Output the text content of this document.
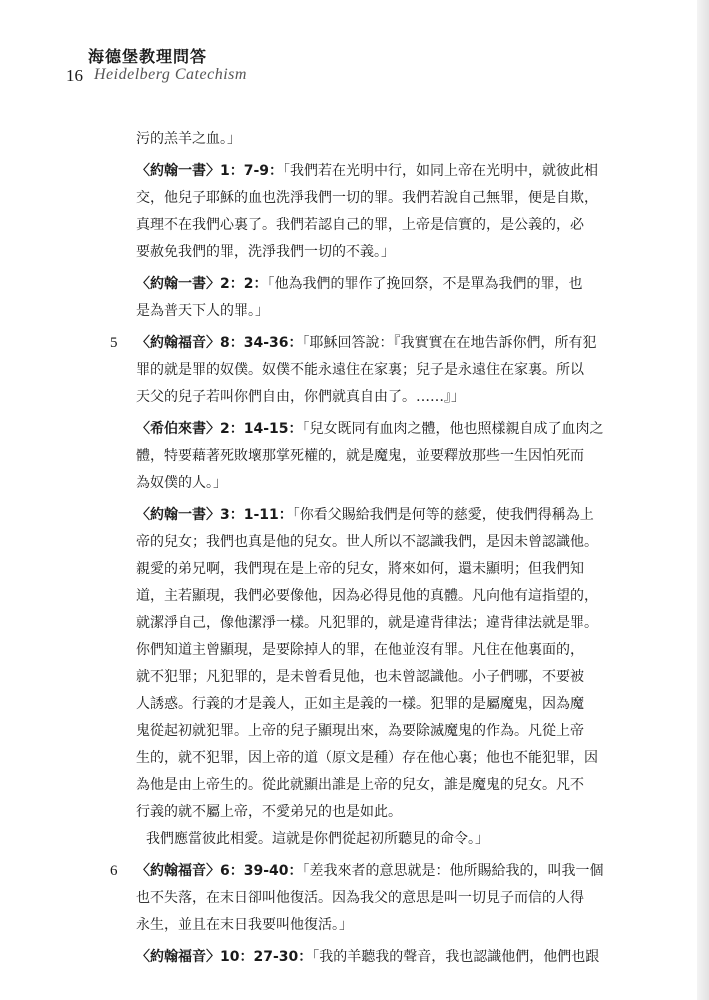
海德堡教理問答
16 Heidelberg Catechism
污的羔羊之血。」
〈約翰一書〉1：7-9：「我們若在光明中行，如同上帝在光明中，就彼此相
交，他兒子耶穌的血也洗淨我們一切的罪。我們若說自己無罪，便是自欺，
真理不在我們心裏了。我們若認自己的罪，上帝是信實的，是公義的，必
要赦免我們的罪，洗淨我們一切的不義。」
〈約翰一書〉2：2：「他為我們的罪作了挽回祭，不是單為我們的罪，也
是為普天下人的罪。」
5 〈約翰福音〉8：34-36：「耶穌回答說：『我實實在在地告訴你們，所有犯
罪的就是罪的奴僕。奴僕不能永遠住在家裏；兒子是永遠住在家裏。所以
天父的兒子若叫你們自由，你們就真自由了。……』」
〈希伯來書〉2：14-15：「兒女既同有血肉之體，他也照樣親自成了血肉之
體，特要藉著死敗壞那掌死權的，就是魔鬼，並要釋放那些一生因怕死而
為奴僕的人。」
〈約翰一書〉3：1-11：「你看父賜給我們是何等的慈愛，使我們得稱為上
帝的兒女；我們也真是他的兒女。世人所以不認識我們，是因未曾認識他。
親愛的弟兄啊，我們現在是上帝的兒女，將來如何，還未顯明；但我們知
道，主若顯現，我們必要像他，因為必得見他的真體。凡向他有這指望的，
就潔淨自己，像他潔淨一樣。凡犯罪的，就是違背律法；違背律法就是罪。
你們知道主曾顯現，是要除掉人的罪，在他並沒有罪。凡住在他裏面的，
就不犯罪；凡犯罪的，是未曾看見他，也未曾認識他。小子們哪，不要被
人誘惑。行義的才是義人，正如主是義的一樣。犯罪的是屬魔鬼，因為魔
鬼從起初就犯罪。上帝的兒子顯現出來，為要除滅魔鬼的作為。凡從上帝
生的，就不犯罪，因上帝的道（原文是種）存在他心裏；他也不能犯罪，因
為他是由上帝生的。從此就顯出誰是上帝的兒女，誰是魔鬼的兒女。凡不
行義的就不屬上帝，不愛弟兄的也是如此。
我們應當彼此相愛。這就是你們從起初所聽見的命令。」
6 〈約翰福音〉6：39-40：「差我來者的意思就是：他所賜給我的，叫我一個
也不失落，在末日卻叫他復活。因為我父的意思是叫一切見子而信的人得
永生，並且在末日我要叫他復活。」
〈約翰福音〉10：27-30：「我的羊聽我的聲音，我也認識他們，他們也跟
